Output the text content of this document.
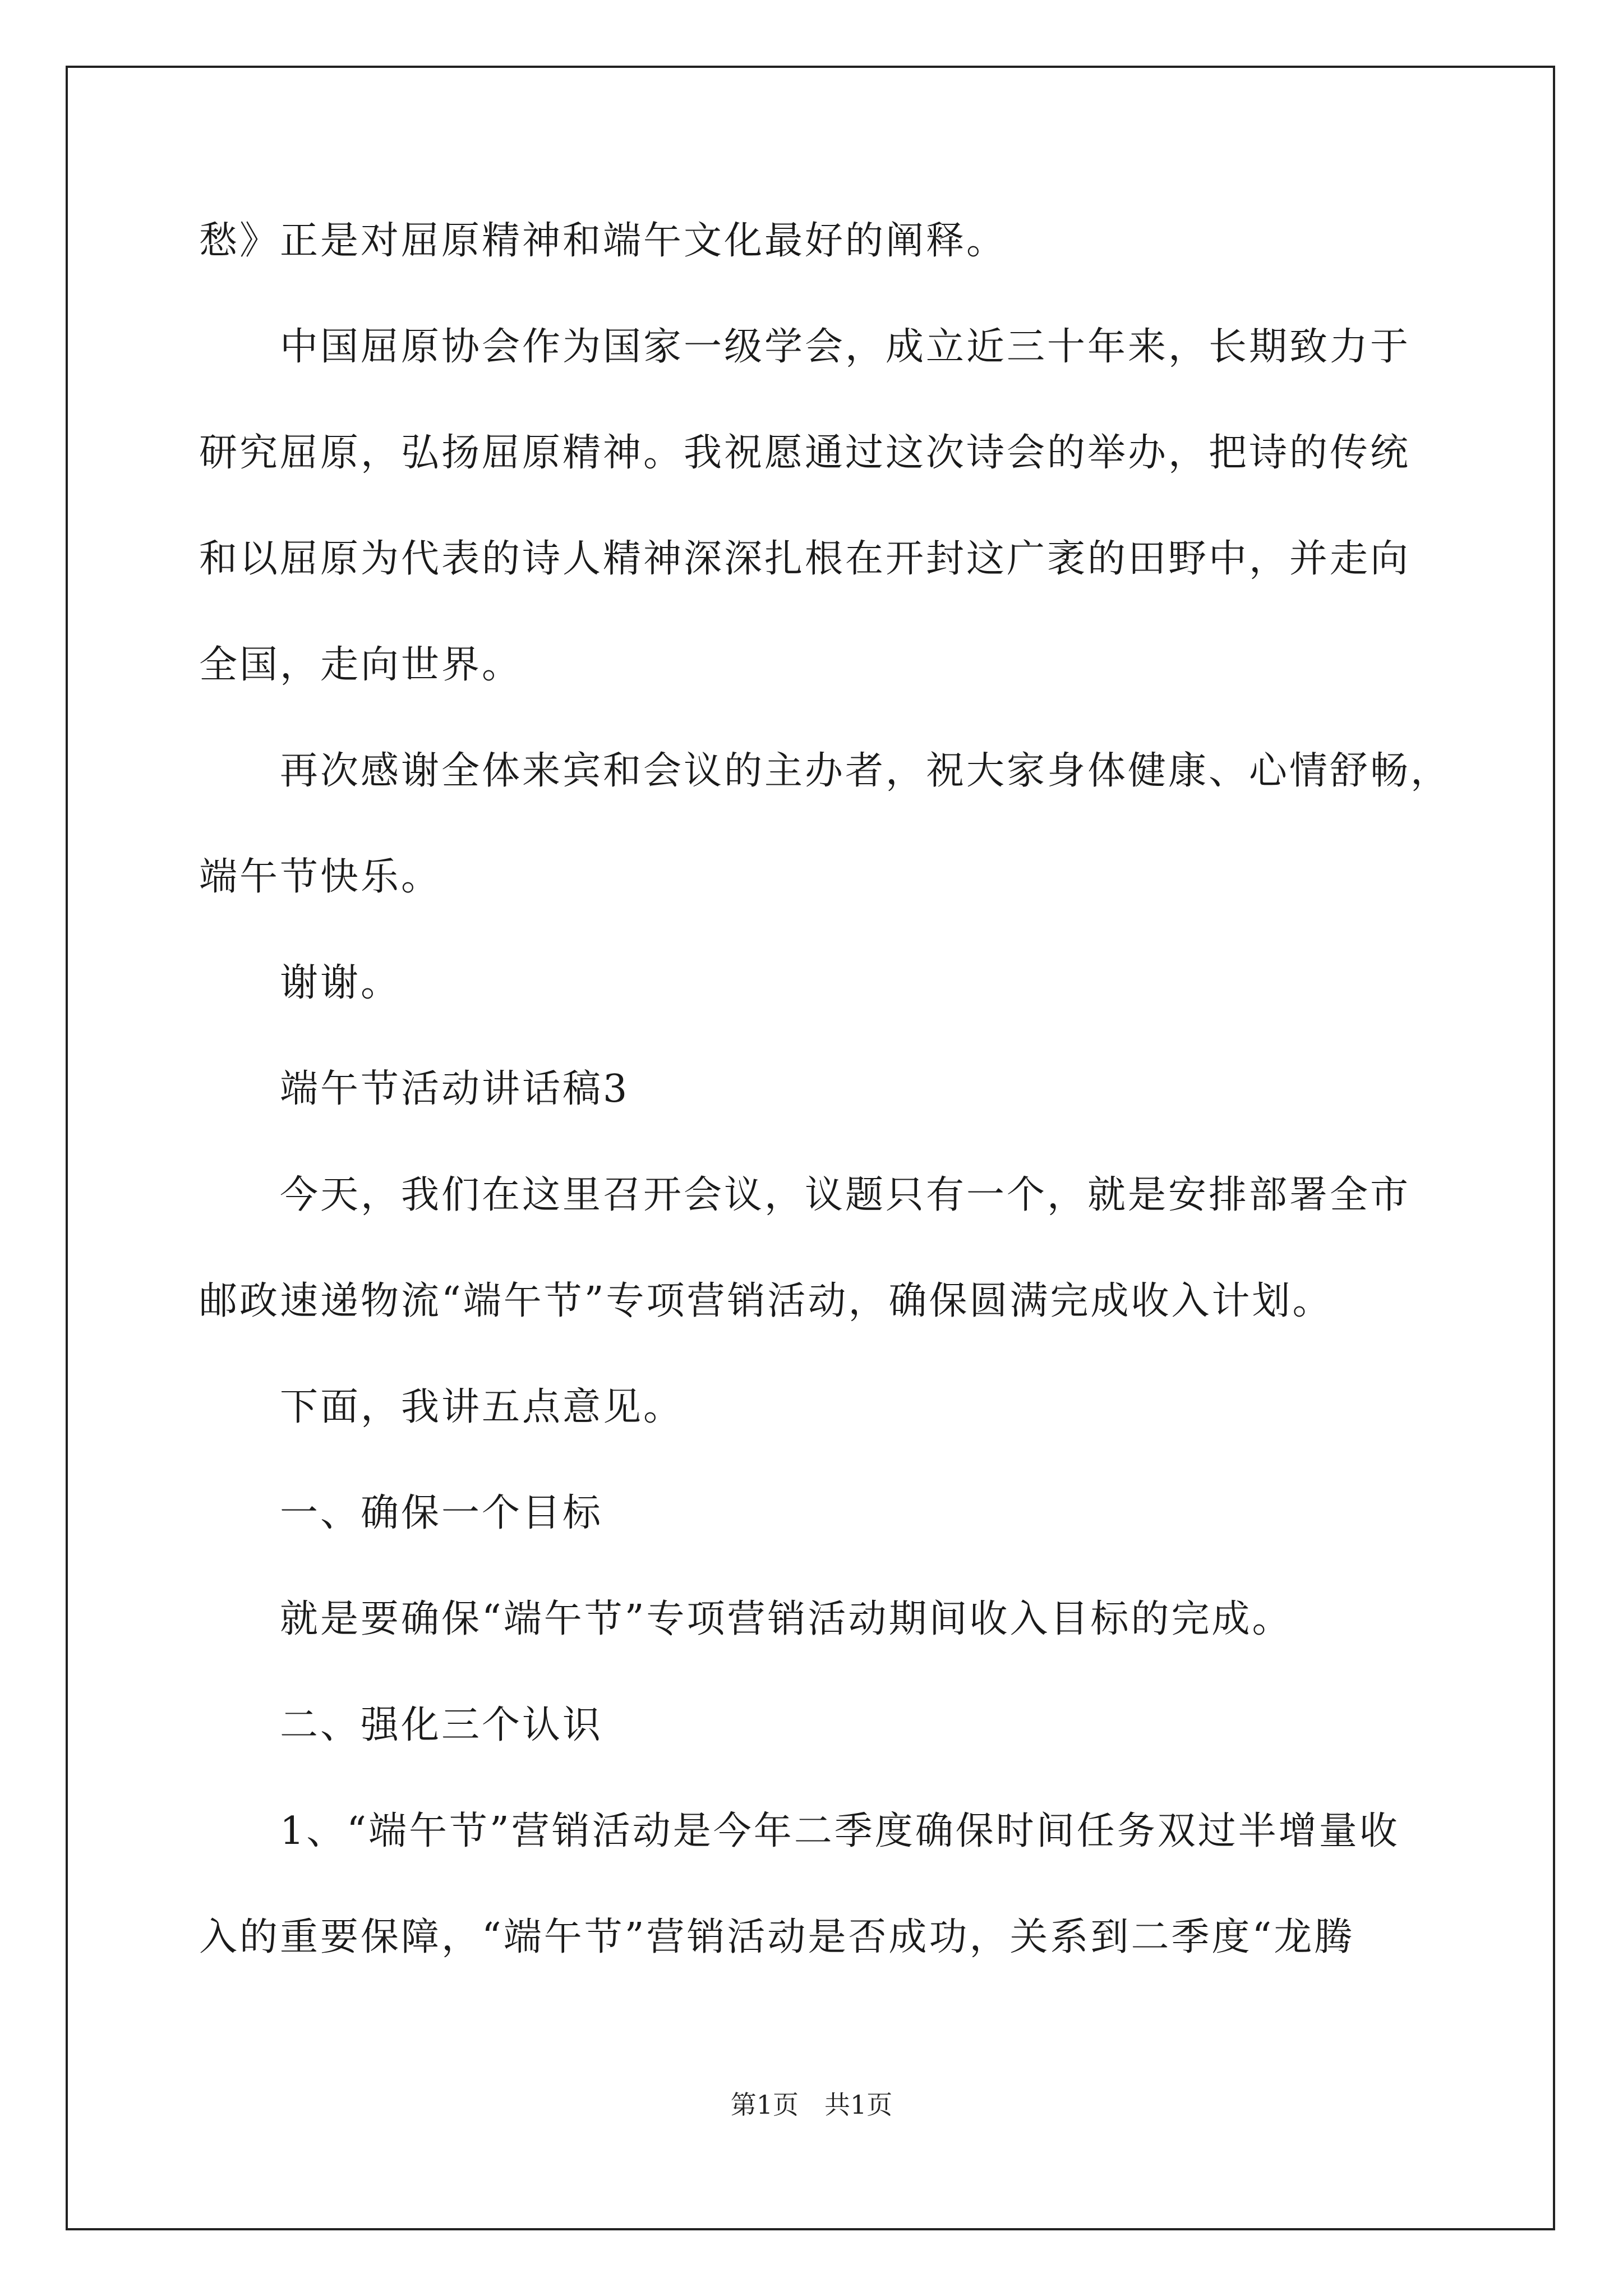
愁》正是对屈原精神和端午文化最好的阐释。
中国屈原协会作为国家一级学会，成立近三十年来，长期致力于
研究屈原，弘扬屈原精神。我祝愿通过这次诗会的举办，把诗的传统
和以屈原为代表的诗人精神深深扎根在开封这广袤的田野中，并走向
全国，走向世界。
再次感谢全体来宾和会议的主办者，祝大家身体健康、心情舒畅，
端午节快乐。
谢谢。
端午节活动讲话稿3
今天，我们在这里召开会议，议题只有一个，就是安排部署全市
邮政速递物流“端午节”专项营销活动，确保圆满完成收入计划。
下面，我讲五点意见。
一、确保一个目标
就是要确保“端午节”专项营销活动期间收入目标的完成。
二、强化三个认识
1、“端午节”营销活动是今年二季度确保时间任务双过半增量收
入的重要保障，“端午节”营销活动是否成功，关系到二季度“龙腾
第1页　共1页
